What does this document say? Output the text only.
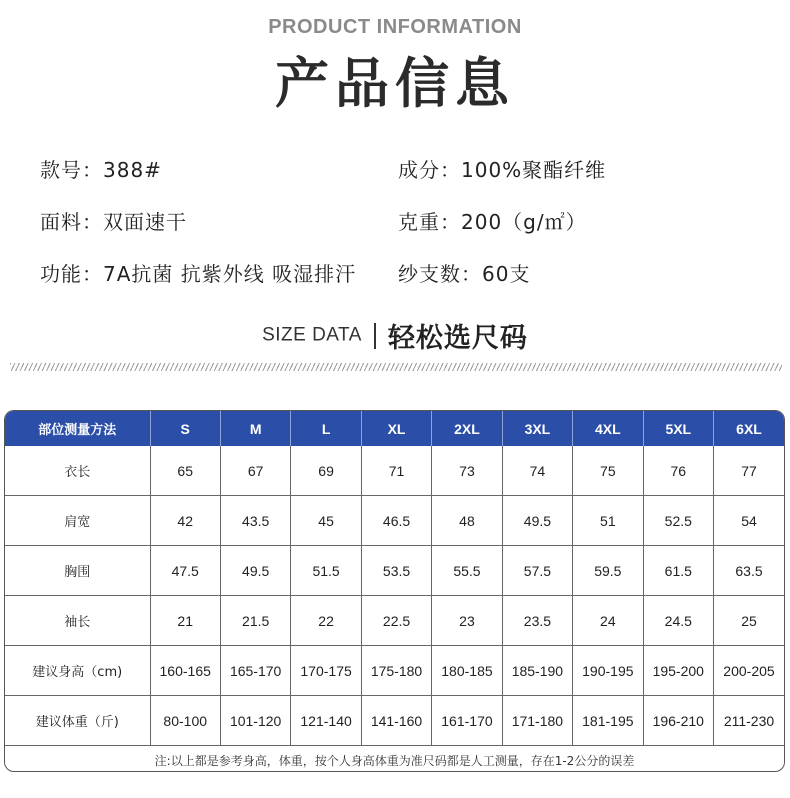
PRODUCT INFORMATION
产品信息
款号：388#	成分：100%聚酯纤维
面料：双面速干	克重：200（g/㎡）
功能：7A抗菌 抗紫外线 吸湿排汗 纱支数：60支
SIZE DATA 轻松选尺码
部位测量方法	S	M	L	XL	2XL	3XL	4XL	5XL	6XL
衣长	65	67	69	71	73	74	75	76	77
肩宽	42	43.5	45	46.5	48	49.5	51	52.5	54
胸围	47.5	49.5	51.5	53.5	55.5	57.5	59.5	61.5	63.5
袖长	21	21.5	22	22.5	23	23.5	24	24.5	25
建议身高（cm)	160-165	165-170	170-175	175-180	180-185	185-190	190-195	195-200	200-205
建议体重（斤)	80-100	101-120	121-140	141-160	161-170	171-180	181-195	196-210	211-230
注:以上都是参考身高，体重，按个人身高体重为准尺码都是人工测量，存在1-2公分的误差									
